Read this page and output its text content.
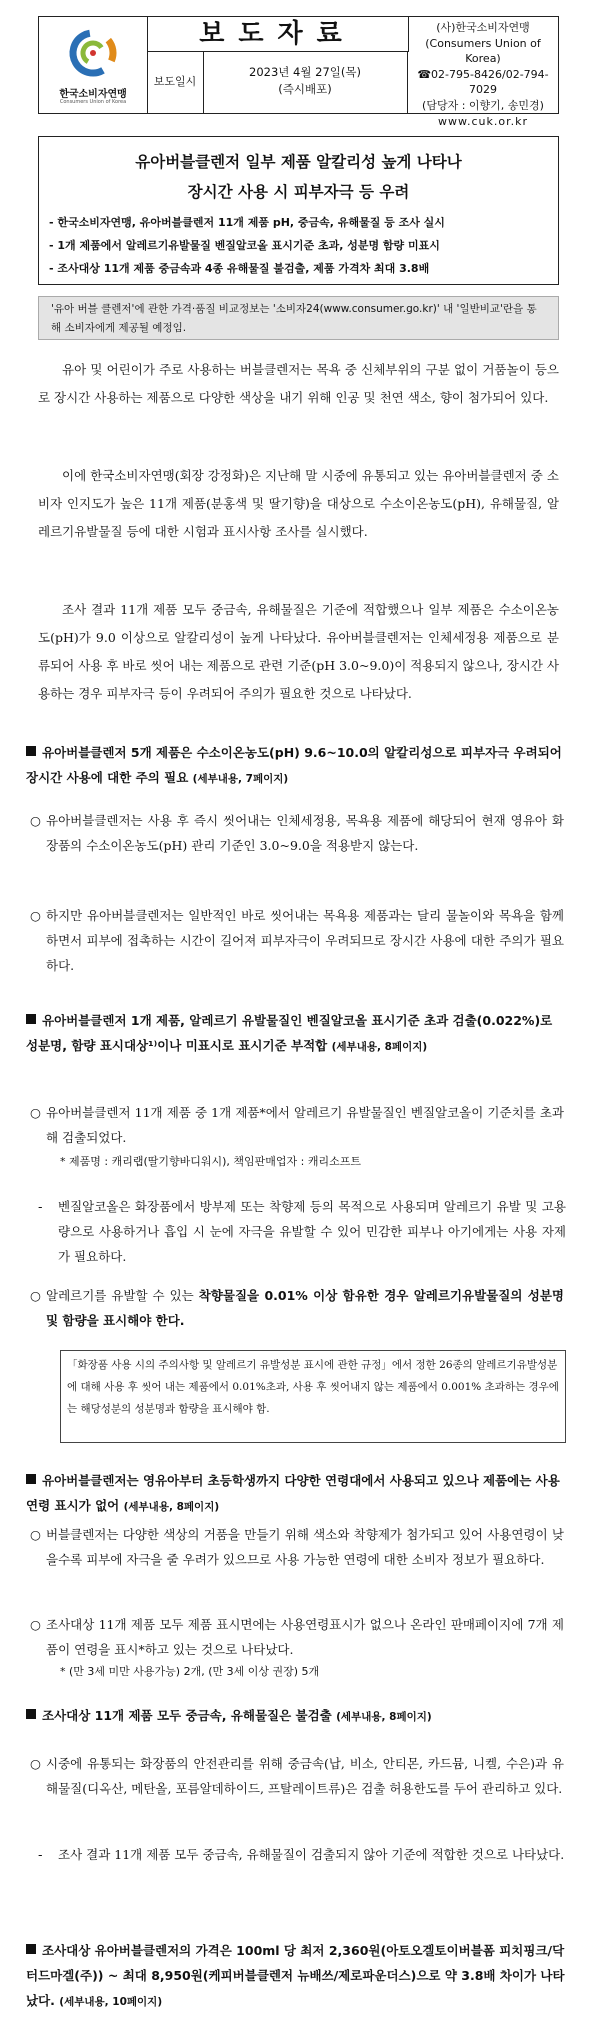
한국소비자연맹
Consumers Union of Korea
보도자료
보도일시
2023년 4월 27일(목)
(즉시배포)
(사)한국소비자연맹
(Consumers Union of Korea)
☎02-795-8426/02-794-7029
(담당자 : 이향기, 송민경)
www.cuk.or.kr
유아버블클렌저 일부 제품 알칼리성 높게 나타나
장시간 사용 시 피부자극 등 우려
- 한국소비자연맹, 유아버블클렌저 11개 제품 pH, 중금속, 유해물질 등 조사 실시
- 1개 제품에서 알레르기유발물질 벤질알코올 표시기준 초과, 성분명 함량 미표시
- 조사대상 11개 제품 중금속과 4종 유해물질 불검출, 제품 가격차 최대 3.8배
'유아 버블 클렌저'에 관한 가격·품질 비교정보는 '소비자24(www.consumer.go.kr)' 내 '일반비교'란을 통해 소비자에게 제공될 예정임.
유아 및 어린이가 주로 사용하는 버블클렌저는 목욕 중 신체부위의 구분 없이 거품놀이 등으로 장시간 사용하는 제품으로 다양한 색상을 내기 위해 인공 및 천연 색소, 향이 첨가되어 있다.
이에 한국소비자연맹(회장 강정화)은 지난해 말 시중에 유통되고 있는 유아버블클렌저 중 소비자 인지도가 높은 11개 제품(분홍색 및 딸기향)을 대상으로 수소이온농도(pH), 유해물질, 알레르기유발물질 등에 대한 시험과 표시사항 조사를 실시했다.
조사 결과 11개 제품 모두 중금속, 유해물질은 기준에 적합했으나 일부 제품은 수소이온농도(pH)가 9.0 이상으로 알칼리성이 높게 나타났다. 유아버블클렌저는 인체세정용 제품으로 분류되어 사용 후 바로 씻어 내는 제품으로 관련 기준(pH 3.0~9.0)이 적용되지 않으나, 장시간 사용하는 경우 피부자극 등이 우려되어 주의가 필요한 것으로 나타났다.
유아버블클렌저 5개 제품은 수소이온농도(pH) 9.6~10.0의 알칼리성으로 피부자극 우려되어 장시간 사용에 대한 주의 필요 (세부내용, 7페이지)
○ 유아버블클렌저는 사용 후 즉시 씻어내는 인체세정용, 목욕용 제품에 해당되어 현재 영유아 화장품의 수소이온농도(pH) 관리 기준인 3.0~9.0을 적용받지 않는다.
○ 하지만 유아버블클렌저는 일반적인 바로 씻어내는 목욕용 제품과는 달리 물놀이와 목욕을 함께하면서 피부에 접촉하는 시간이 길어져 피부자극이 우려되므로 장시간 사용에 대한 주의가 필요하다.
유아버블클렌저 1개 제품, 알레르기 유발물질인 벤질알코올 표시기준 초과 검출(0.022%)로 성분명, 함량 표시대상¹⁾이나 미표시로 표시기준 부적합 (세부내용, 8페이지)
○ 유아버블클렌저 11개 제품 중 1개 제품*에서 알레르기 유발물질인 벤질알코올이 기준치를 초과해 검출되었다.
* 제품명 : 캐리랩(딸기향바디워시), 책임판매업자 : 캐리소프트
- 벤질알코올은 화장품에서 방부제 또는 착향제 등의 목적으로 사용되며 알레르기 유발 및 고용량으로 사용하거나 흡입 시 눈에 자극을 유발할 수 있어 민감한 피부나 아기에게는 사용 자제가 필요하다.
○ 알레르기를 유발할 수 있는 착향물질을 0.01% 이상 함유한 경우 알레르기유발물질의 성분명 및 함량을 표시해야 한다.
「화장품 사용 시의 주의사항 및 알레르기 유발성분 표시에 관한 규정」에서 정한 26종의 알레르기유발성분에 대해 사용 후 씻어 내는 제품에서 0.01%초과, 사용 후 씻어내지 않는 제품에서 0.001% 초과하는 경우에는 해당성분의 성분명과 함량을 표시해야 함.
유아버블클렌저는 영유아부터 초등학생까지 다양한 연령대에서 사용되고 있으나 제품에는 사용연령 표시가 없어 (세부내용, 8페이지)
○ 버블클렌저는 다양한 색상의 거품을 만들기 위해 색소와 착향제가 첨가되고 있어 사용연령이 낮을수록 피부에 자극을 줄 우려가 있으므로 사용 가능한 연령에 대한 소비자 정보가 필요하다.
○ 조사대상 11개 제품 모두 제품 표시면에는 사용연령표시가 없으나 온라인 판매페이지에 7개 제품이 연령을 표시*하고 있는 것으로 나타났다.
* (만 3세 미만 사용가능) 2개, (만 3세 이상 권장) 5개
조사대상 11개 제품 모두 중금속, 유해물질은 불검출 (세부내용, 8페이지)
○ 시중에 유통되는 화장품의 안전관리를 위해 중금속(납, 비소, 안티몬, 카드뮴, 니켈, 수은)과 유해물질(디옥산, 메탄올, 포름알데하이드, 프탈레이트류)은 검출 허용한도를 두어 관리하고 있다.
- 조사 결과 11개 제품 모두 중금속, 유해물질이 검출되지 않아 기준에 적합한 것으로 나타났다.
조사대상 유아버블클렌저의 가격은 100ml 당 최저 2,360원(아토오겔토이버블폼 피치핑크/닥터드마겔(주)) ~ 최대 8,950원(케피버블클렌저 뉴배쓰/제로파운더스)으로 약 3.8배 차이가 나타났다. (세부내용, 10페이지)
